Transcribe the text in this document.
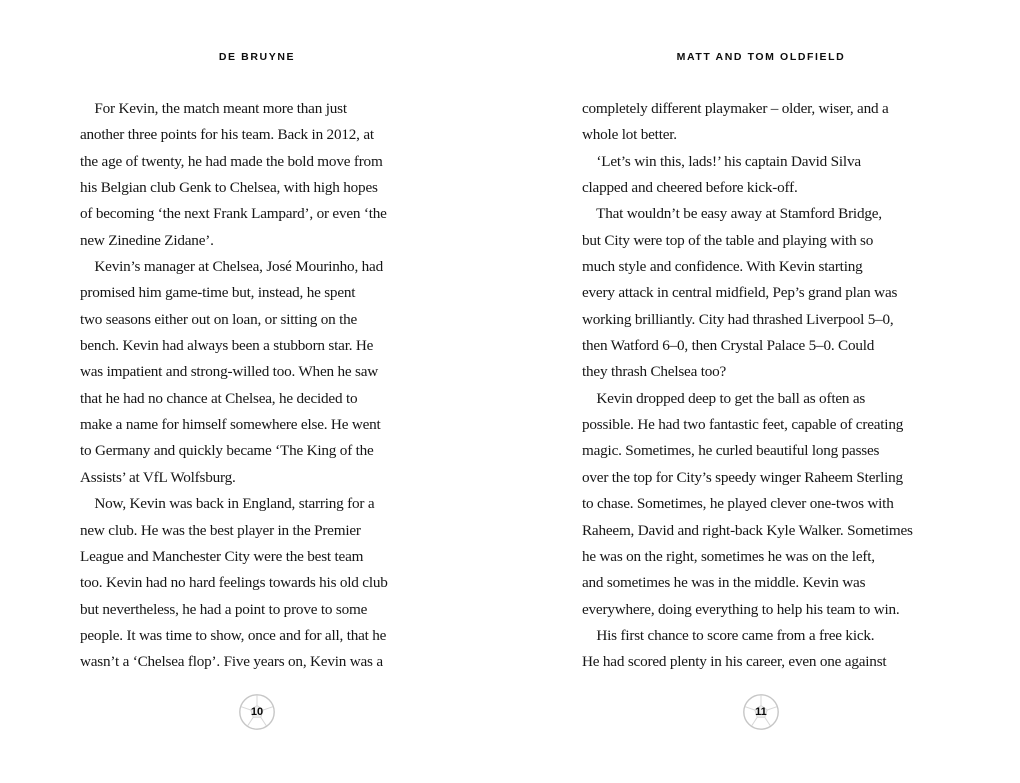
DE BRUYNE
For Kevin, the match meant more than just
another three points for his team. Back in 2012, at
the age of twenty, he had made the bold move from
his Belgian club Genk to Chelsea, with high hopes
of becoming ‘the next Frank Lampard’, or even ‘the
new Zinedine Zidane’.
Kevin’s manager at Chelsea, José Mourinho, had
promised him game-time but, instead, he spent
two seasons either out on loan, or sitting on the
bench. Kevin had always been a stubborn star. He
was impatient and strong-willed too. When he saw
that he had no chance at Chelsea, he decided to
make a name for himself somewhere else. He went
to Germany and quickly became ‘The King of the
Assists’ at VfL Wolfsburg.
Now, Kevin was back in England, starring for a
new club. He was the best player in the Premier
League and Manchester City were the best team
too. Kevin had no hard feelings towards his old club
but nevertheless, he had a point to prove to some
people. It was time to show, once and for all, that he
wasn’t a ‘Chelsea flop’. Five years on, Kevin was a
10
MATT AND TOM OLDFIELD
completely different playmaker – older, wiser, and a
whole lot better.
‘Let’s win this, lads!’ his captain David Silva
clapped and cheered before kick-off.
That wouldn’t be easy away at Stamford Bridge,
but City were top of the table and playing with so
much style and confidence. With Kevin starting
every attack in central midfield, Pep’s grand plan was
working brilliantly. City had thrashed Liverpool 5–0,
then Watford 6–0, then Crystal Palace 5–0. Could
they thrash Chelsea too?
Kevin dropped deep to get the ball as often as
possible. He had two fantastic feet, capable of creating
magic. Sometimes, he curled beautiful long passes
over the top for City’s speedy winger Raheem Sterling
to chase. Sometimes, he played clever one-twos with
Raheem, David and right-back Kyle Walker. Sometimes
he was on the right, sometimes he was on the left,
and sometimes he was in the middle. Kevin was
everywhere, doing everything to help his team to win.
His first chance to score came from a free kick.
He had scored plenty in his career, even one against
11
